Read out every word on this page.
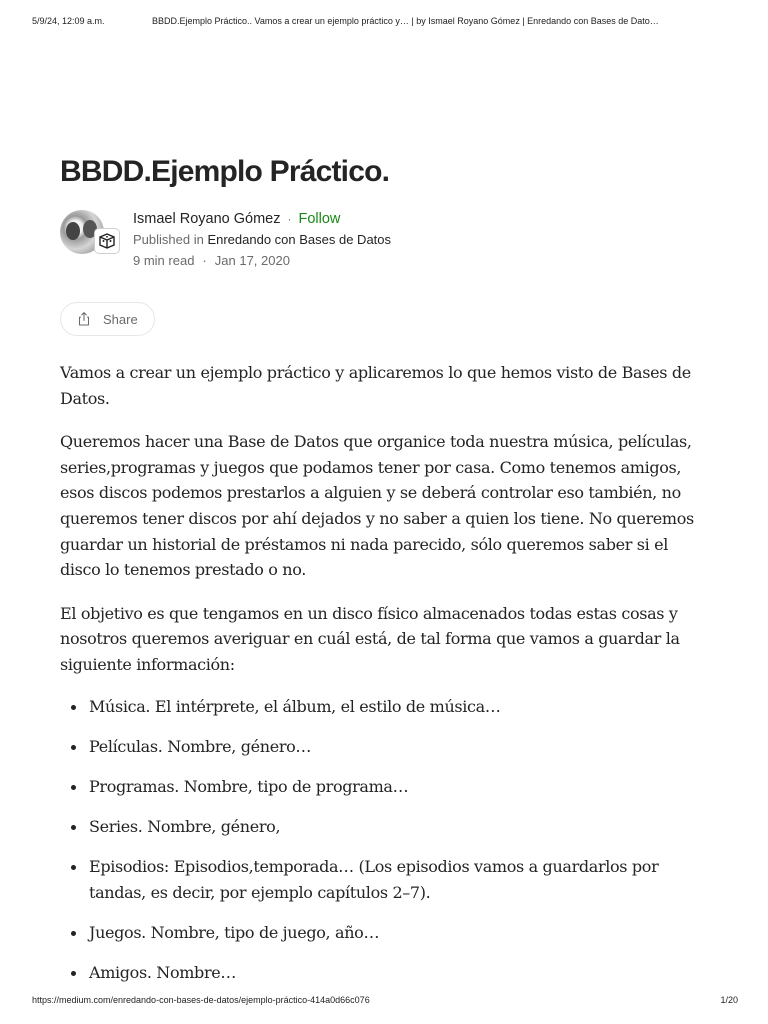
5/9/24, 12:09 a.m.	BBDD.Ejemplo Práctico.. Vamos a crear un ejemplo práctico y… | by Ismael Royano Gómez | Enredando con Bases de Dato…
BBDD.Ejemplo Práctico.
Ismael Royano Gómez · Follow
Published in Enredando con Bases de Datos
9 min read · Jan 17, 2020
Share

Vamos a crear un ejemplo práctico y aplicaremos lo que hemos visto de Bases de Datos.

Queremos hacer una Base de Datos que organice toda nuestra música, películas, series,programas y juegos que podamos tener por casa. Como tenemos amigos, esos discos podemos prestarlos a alguien y se deberá controlar eso también, no queremos tener discos por ahí dejados y no saber a quien los tiene. No queremos guardar un historial de préstamos ni nada parecido, sólo queremos saber si el disco lo tenemos prestado o no.

El objetivo es que tengamos en un disco físico almacenados todas estas cosas y nosotros queremos averiguar en cuál está, de tal forma que vamos a guardar la siguiente información:

Música. El intérprete, el álbum, el estilo de música…
Películas. Nombre, género…
Programas. Nombre, tipo de programa…
Series. Nombre, género,
Episodios: Episodios,temporada… (Los episodios vamos a guardarlos por tandas, es decir, por ejemplo capítulos 2–7).
Juegos. Nombre, tipo de juego, año…
Amigos. Nombre…
https://medium.com/enredando-con-bases-de-datos/ejemplo-práctico-414a0d66c076	1/20
